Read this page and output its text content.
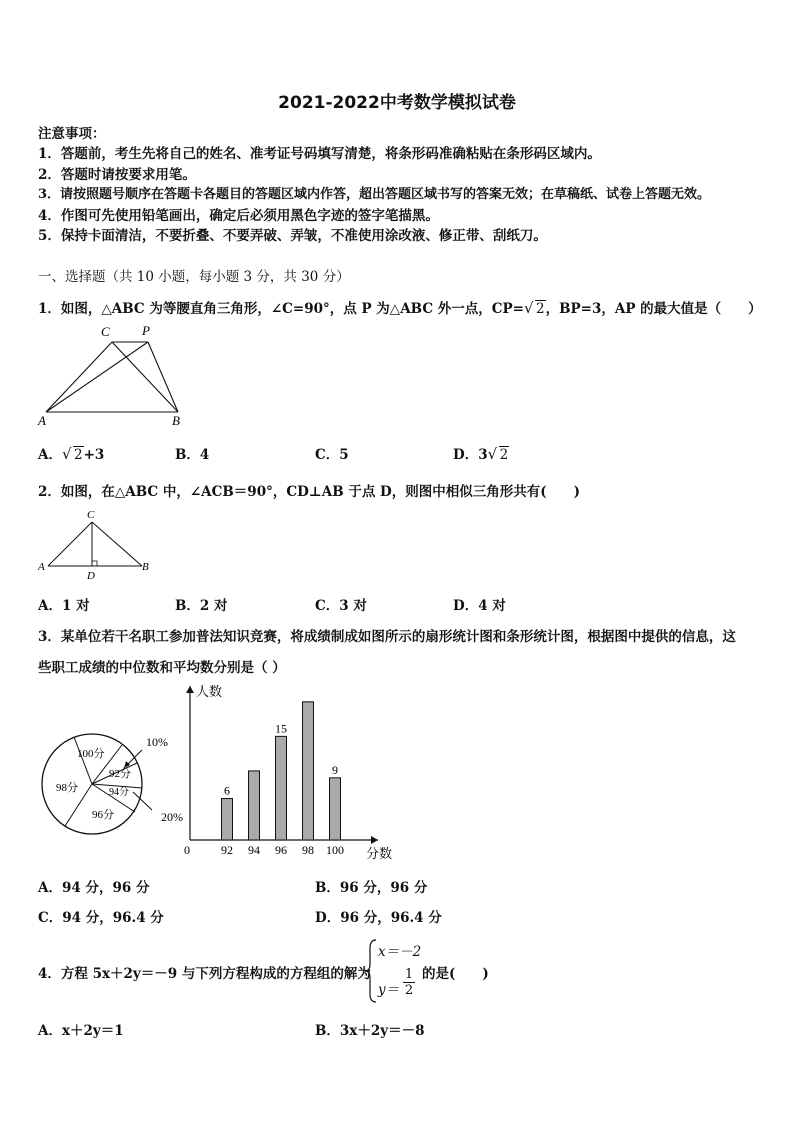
2021-2022中考数学模拟试卷
注意事项：
1．答题前，考生先将自己的姓名、准考证号码填写清楚，将条形码准确粘贴在条形码区域内。
2．答题时请按要求用笔。
3．请按照题号顺序在答题卡各题目的答题区域内作答，超出答题区域书写的答案无效；在草稿纸、试卷上答题无效。
4．作图可先使用铅笔画出，确定后必须用黑色字迹的签字笔描黑。
5．保持卡面清洁，不要折叠、不要弄破、弄皱，不准使用涂改液、修正带、刮纸刀。
一、选择题（共 10 小题，每小题 3 分，共 30 分）
1．如图，△ABC 为等腰直角三角形，∠C=90°，点 P 为△ABC 外一点，CP= √ 2，BP=3，AP 的最大值是（　　）
C P
A	B
A． √ 2+3	B．4	C．5	D．3 √ 2
2．如图，在△ABC 中，∠ACB＝90°，CD⊥AB 于点 D，则图中相似三角形共有(　　)
C
A
D
B
A．1 对	B．2 对	C．3 对	D．4 对
3．某单位若干名职工参加普法知识竞赛，将成绩制成如图所示的扇形统计图和条形统计图，根据图中提供的信息，这
些职工成绩的中位数和平均数分别是（ ）
100分
92分
94分
96分
98分
10%
20%
人数
分数
0	92
6
94 96
15
98 100
9
A．94 分，96 分	B．96 分，96 分
C．94 分，96.4 分	D．96 分，96.4 分
4．方程 5x＋2y＝－9 与下列方程构成的方程组的解为
x＝－2
$y= \frac{1}{2}$ 的是(　　)
A．x＋2y＝1	B．3x＋2y＝－8
